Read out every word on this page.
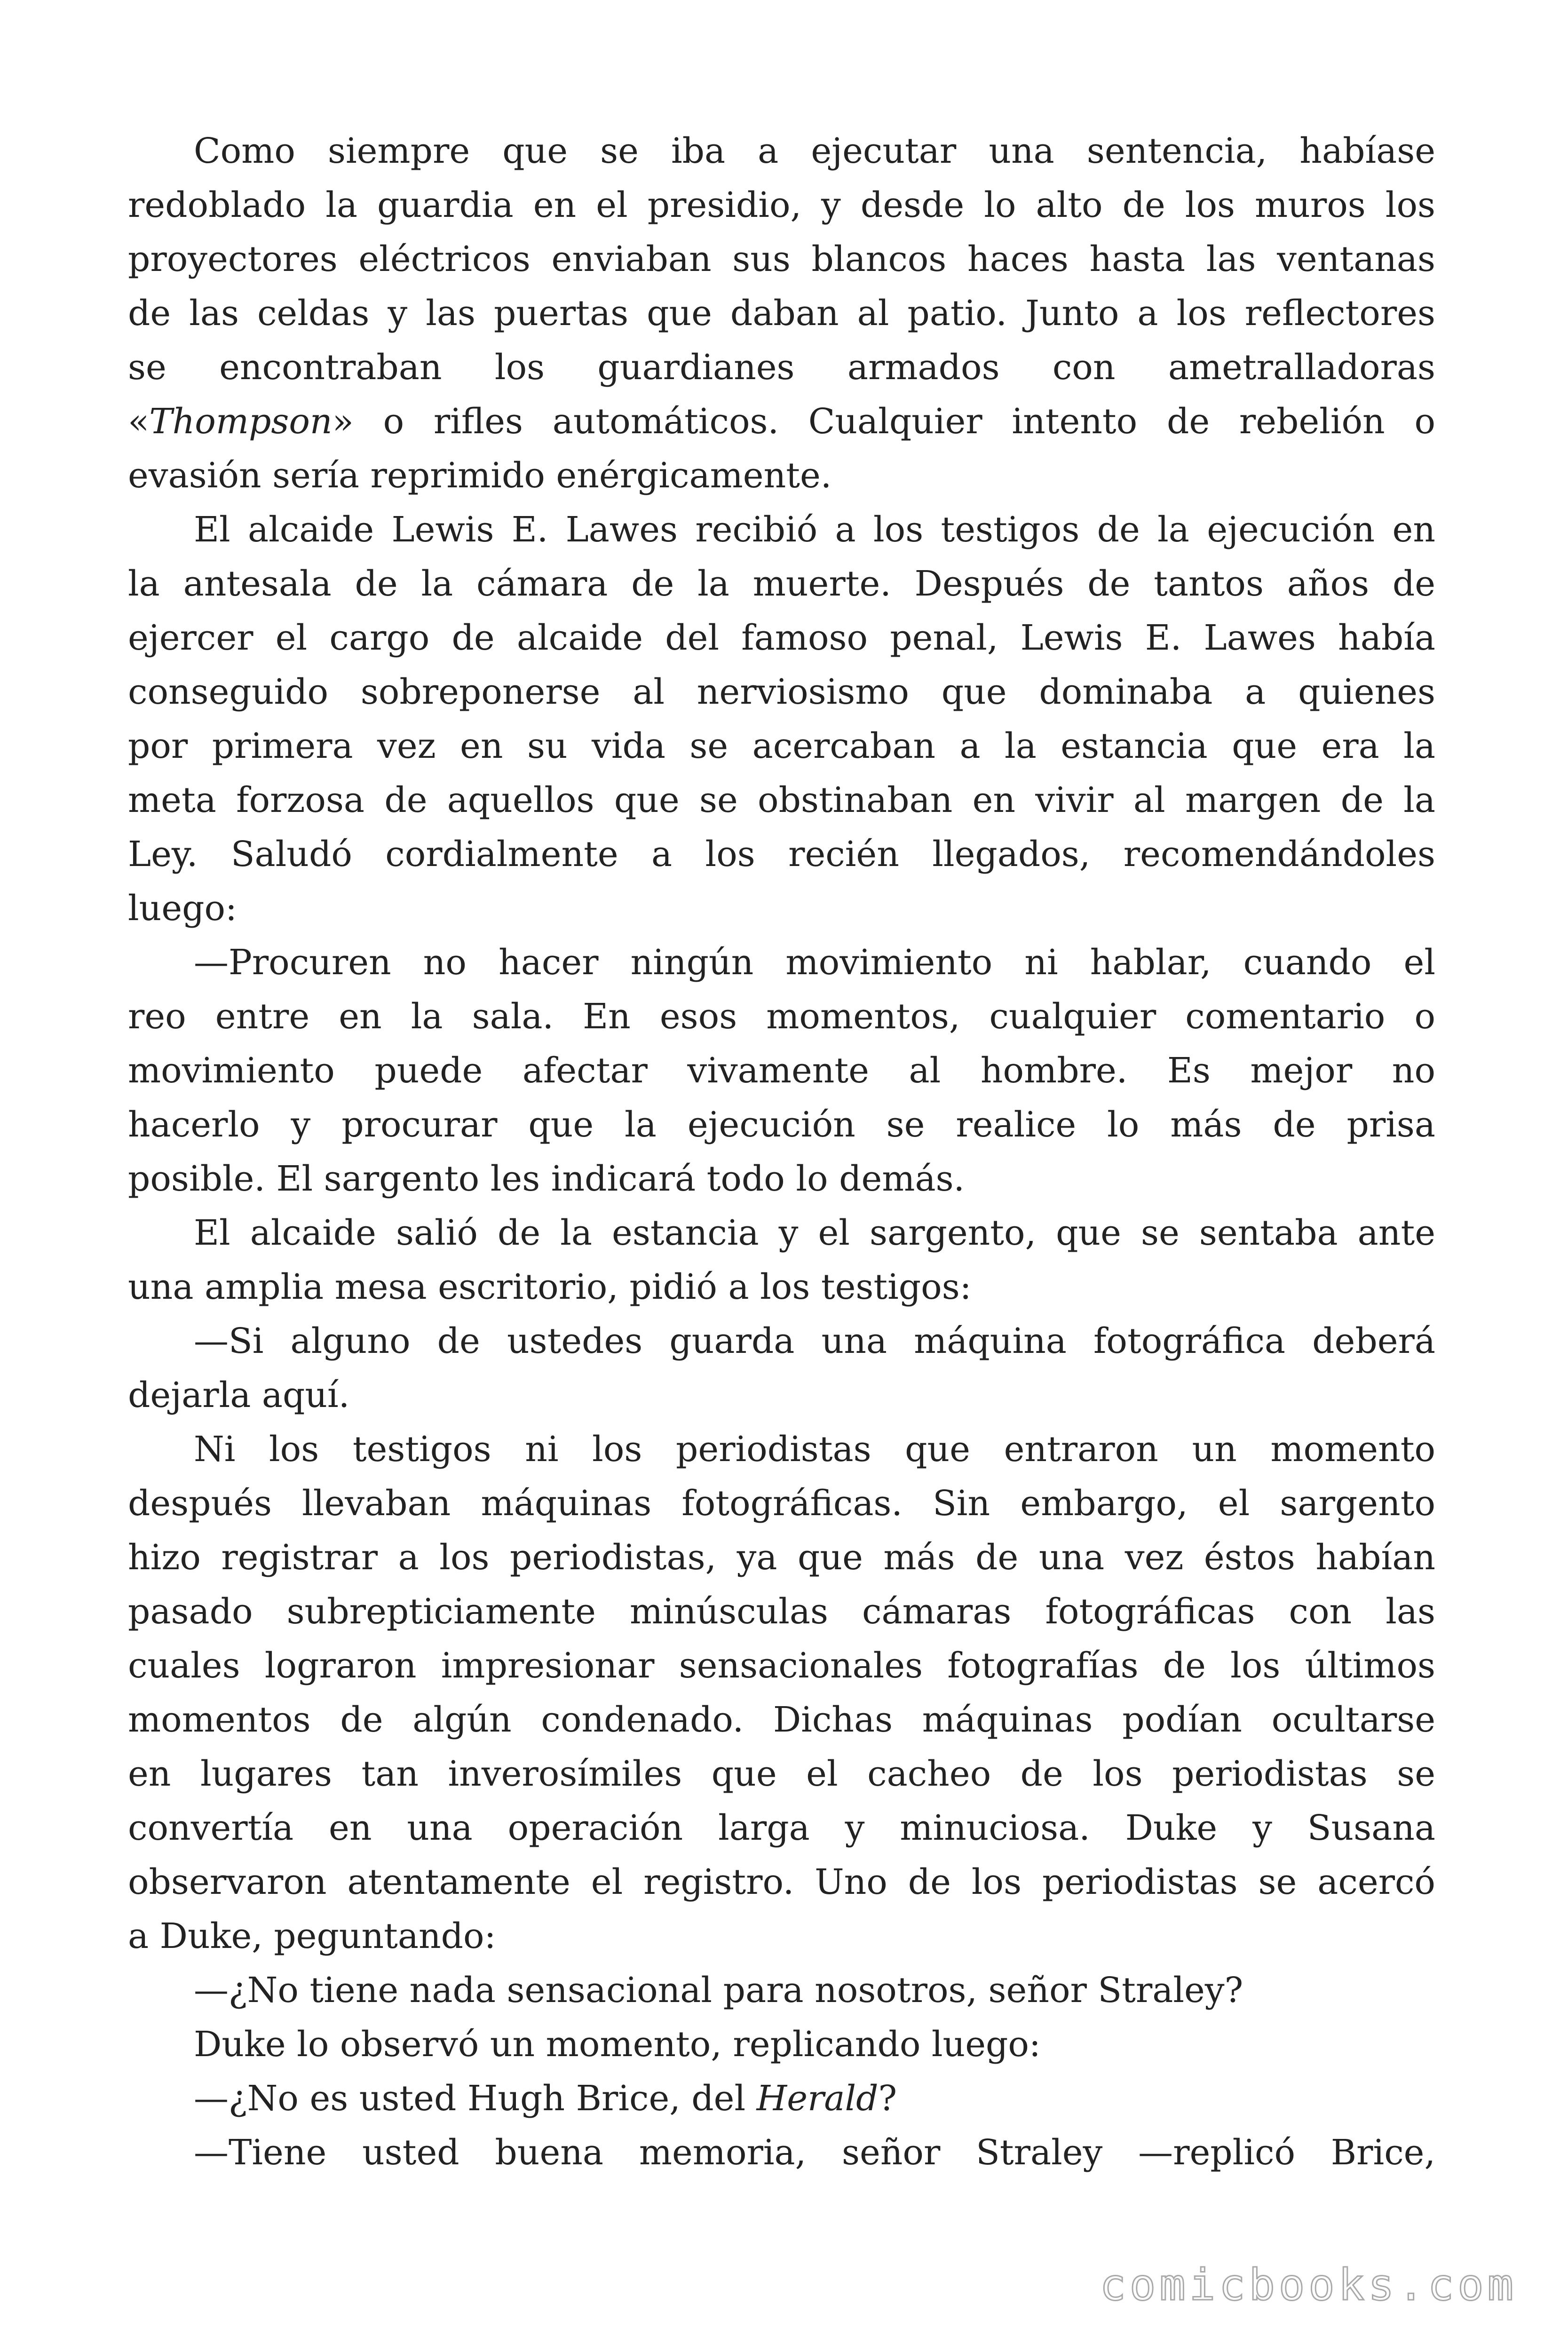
Como siempre que se iba a ejecutar una sentencia, habíase
redoblado la guardia en el presidio, y desde lo alto de los muros los
proyectores eléctricos enviaban sus blancos haces hasta las ventanas
de las celdas y las puertas que daban al patio. Junto a los reflectores
se encontraban los guardianes armados con ametralladoras
«Thompson» o rifles automáticos. Cualquier intento de rebelión o
evasión sería reprimido enérgicamente.
El alcaide Lewis E. Lawes recibió a los testigos de la ejecución en
la antesala de la cámara de la muerte. Después de tantos años de
ejercer el cargo de alcaide del famoso penal, Lewis E. Lawes había
conseguido sobreponerse al nerviosismo que dominaba a quienes
por primera vez en su vida se acercaban a la estancia que era la
meta forzosa de aquellos que se obstinaban en vivir al margen de la
Ley. Saludó cordialmente a los recién llegados, recomendándoles
luego:
—Procuren no hacer ningún movimiento ni hablar, cuando el
reo entre en la sala. En esos momentos, cualquier comentario o
movimiento puede afectar vivamente al hombre. Es mejor no
hacerlo y procurar que la ejecución se realice lo más de prisa
posible. El sargento les indicará todo lo demás.
El alcaide salió de la estancia y el sargento, que se sentaba ante
una amplia mesa escritorio, pidió a los testigos:
—Si alguno de ustedes guarda una máquina fotográfica deberá
dejarla aquí.
Ni los testigos ni los periodistas que entraron un momento
después llevaban máquinas fotográficas. Sin embargo, el sargento
hizo registrar a los periodistas, ya que más de una vez éstos habían
pasado subrepticiamente minúsculas cámaras fotográficas con las
cuales lograron impresionar sensacionales fotografías de los últimos
momentos de algún condenado. Dichas máquinas podían ocultarse
en lugares tan inverosímiles que el cacheo de los periodistas se
convertía en una operación larga y minuciosa. Duke y Susana
observaron atentamente el registro. Uno de los periodistas se acercó
a Duke, peguntando:
—¿No tiene nada sensacional para nosotros, señor Straley?
Duke lo observó un momento, replicando luego:
—¿No es usted Hugh Brice, del Herald?
—Tiene usted buena memoria, señor Straley —replicó Brice,
comicbooks.com
